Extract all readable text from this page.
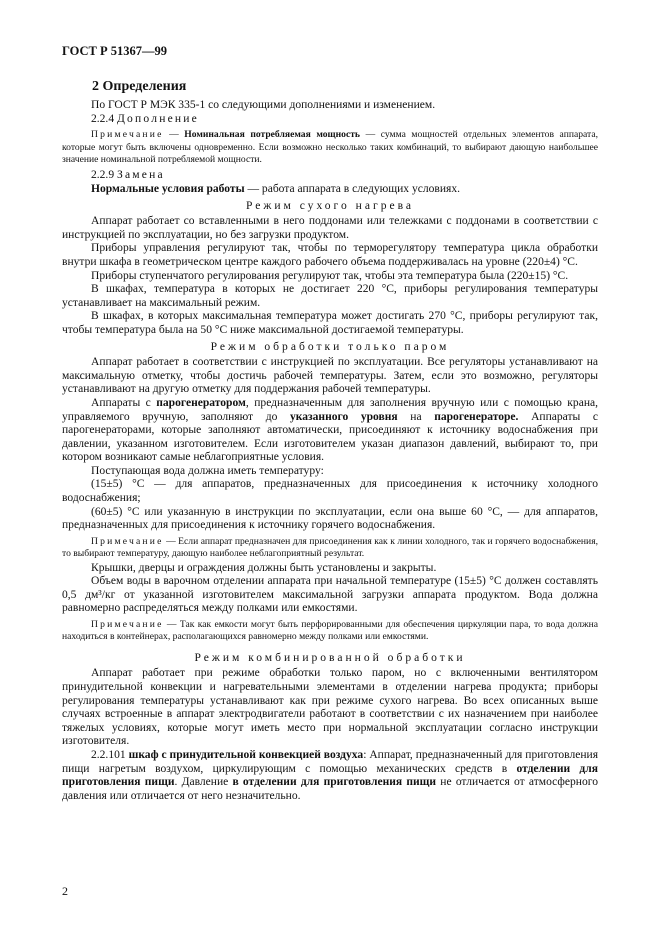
ГОСТ Р 51367—99
2 Определения

По ГОСТ Р МЭК 335-1 со следующими дополнениями и изменением.

2.2.4 Дополнение

Примечание — Номинальная потребляемая мощность — сумма мощностей отдельных элементов аппарата, которые могут быть включены одновременно. Если возможно несколько таких комбинаций, то выбирают дающую наибольшее значение номинальной потребляемой мощности.

2.2.9 Замена

Нормальные условия работы — работа аппарата в следующих условиях.

Режим сухого нагрева

Аппарат работает со вставленными в него поддонами или тележками с поддонами в соответствии с инструкцией по эксплуатации, но без загрузки продуктом.

Приборы управления регулируют так, чтобы по терморегулятору температура цикла обработки внутри шкафа в геометрическом центре каждого рабочего объема поддерживалась на уровне (220±4) °С.

Приборы ступенчатого регулирования регулируют так, чтобы эта температура была (220±15) °С.

В шкафах, температура в которых не достигает 220 °С, приборы регулирования температуры устанавливает на максимальный режим.

В шкафах, в которых максимальная температура может достигать 270 °С, приборы регулируют так, чтобы температура была на 50 °С ниже максимальной достигаемой температуры.

Режим обработки только паром

Аппарат работает в соответствии с инструкцией по эксплуатации. Все регуляторы устанавливают на максимальную отметку, чтобы достичь рабочей температуры. Затем, если это возможно, регуляторы устанавливают на другую отметку для поддержания рабочей температуры.

Аппараты с парогенератором, предназначенным для заполнения вручную или с помощью крана, управляемого вручную, заполняют до указанного уровня на парогенераторе. Аппараты с парогенераторами, которые заполняют автоматически, присоединяют к источнику водоснабжения при давлении, указанном изготовителем. Если изготовителем указан диапазон давлений, выбирают то, при котором возникают самые неблагоприятные условия.

Поступающая вода должна иметь температуру:

(15±5) °С — для аппаратов, предназначенных для присоединения к источнику холодного водоснабжения;

(60±5) °С или указанную в инструкции по эксплуатации, если она выше 60 °С, — для аппаратов, предназначенных для присоединения к источнику горячего водоснабжения.

Примечание — Если аппарат предназначен для присоединения как к линии холодного, так и горячего водоснабжения, то выбирают температуру, дающую наиболее неблагоприятный результат.

Крышки, дверцы и ограждения должны быть установлены и закрыты.

Объем воды в варочном отделении аппарата при начальной температуре (15±5) °С должен составлять 0,5 дм³/кг от указанной изготовителем максимальной загрузки аппарата продуктом. Вода должна равномерно распределяться между полками или емкостями.

Примечание — Так как емкости могут быть перфорированными для обеспечения циркуляции пара, то вода должна находиться в контейнерах, располагающихся равномерно между полками или емкостями.

Режим комбинированной обработки

Аппарат работает при режиме обработки только паром, но с включенными вентилятором принудительной конвекции и нагревательными элементами в отделении нагрева продукта; приборы регулирования температуры устанавливают как при режиме сухого нагрева. Во всех описанных выше случаях встроенные в аппарат электродвигатели работают в соответствии с их назначением при наиболее тяжелых условиях, которые могут иметь место при нормальной эксплуатации согласно инструкции изготовителя.

2.2.101 шкаф с принудительной конвекцией воздуха: Аппарат, предназначенный для приготовления пищи нагретым воздухом, циркулирующим с помощью механических средств в отделении для приготовления пищи. Давление в отделении для приготовления пищи не отличается от атмосферного давления или отличается от него незначительно.

2
